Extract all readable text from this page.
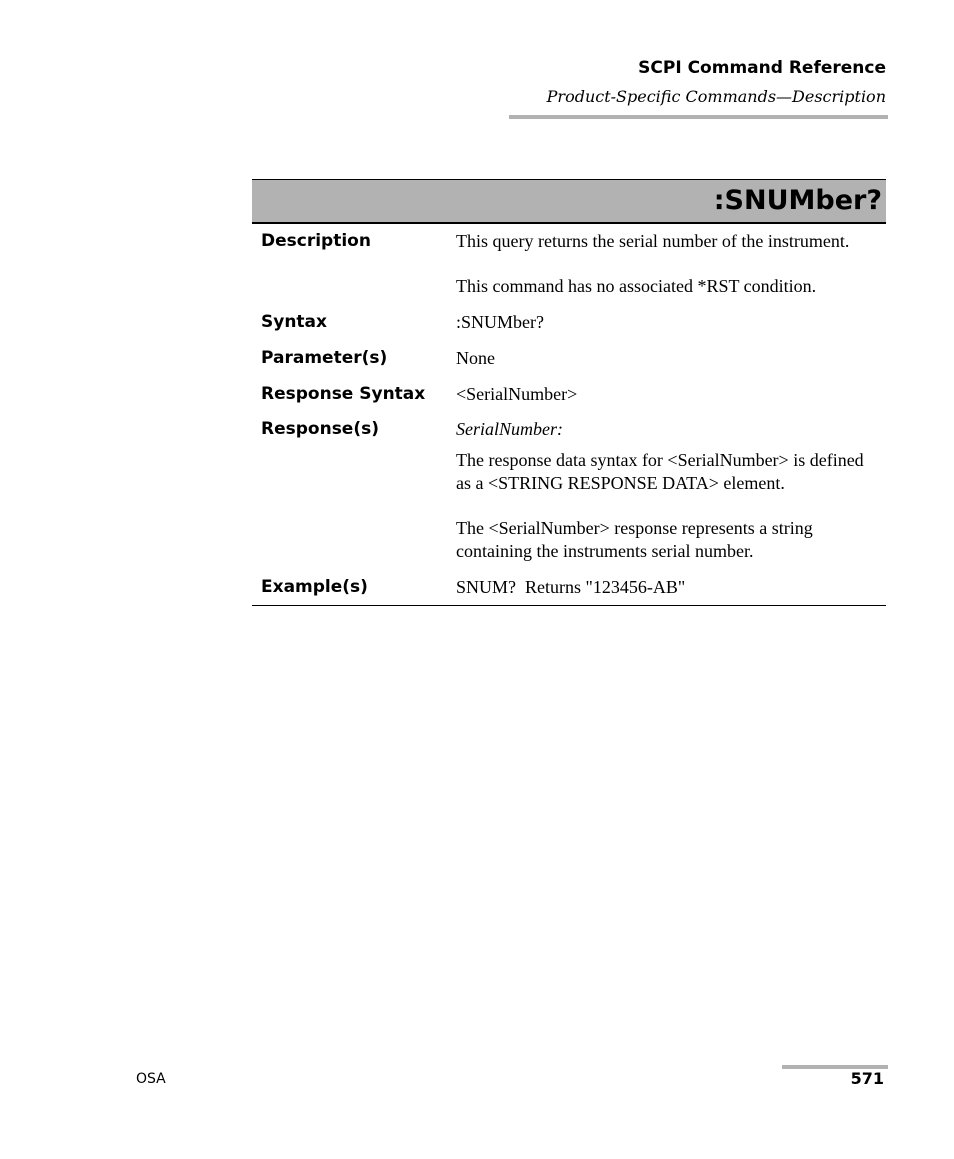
SCPI Command Reference
Product-Specific Commands—Description
:SNUMber?
Description	This query returns the serial number of the instrument.

This command has no associated *RST condition.

Syntax	:SNUMber?
Parameter(s)	None
Response Syntax	<SerialNumber>
Response(s)	SerialNumber:

The response data syntax for <SerialNumber> is defined as a <STRING RESPONSE DATA> element.

The <SerialNumber> response represents a string containing the instruments serial number.

Example(s)	SNUM?  Returns "123456-AB"
OSA	571
